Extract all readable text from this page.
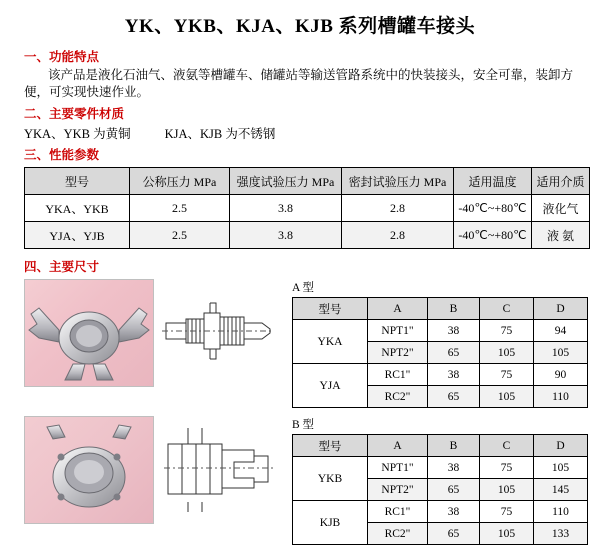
YK、YKB、KJA、KJB 系列槽罐车接头
一、功能特点
该产品是液化石油气、液氨等槽罐车、储罐站等输送管路系统中的快装接头，安全可靠，装卸方便，可实现快速作业。
二、主要零件材质
YKA、YKB 为黄铜	KJA、KJB 为不锈钢
三、性能参数
型号	公称压力 MPa	强度试验压力 MPa	密封试验压力 MPa	适用温度	适用介质
YKA、YKB	2.5	3.8	2.8	-40℃~+80℃	液化气
YJA、YJB	2.5	3.8	2.8	-40℃~+80℃	液 氨
四、主要尺寸
A 型
型号	A	B	C	D
YKA	NPT1"	38	75	94
	NPT2"	65	105	105
YJA	RC1"	38	75	90
	RC2"	65	105	110
B 型
型号	A	B	C	D
YKB	NPT1"	38	75	105
	NPT2"	65	105	145
KJB	RC1"	38	75	110
	RC2"	65	105	133
